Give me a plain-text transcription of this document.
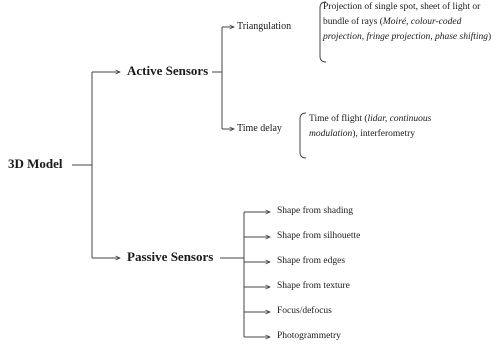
3D Model
Active Sensors
Passive Sensors
Triangulation
Time delay
Projection of single spot, sheet of light or bundle of rays (Moiré, colour-coded projection, fringe projection, phase shifting)
Time of flight (lidar, continuous modulation), interferometry
Shape from shading
Shape from silhouette
Shape from edges
Shape from texture
Focus/defocus
Photogrammetry
